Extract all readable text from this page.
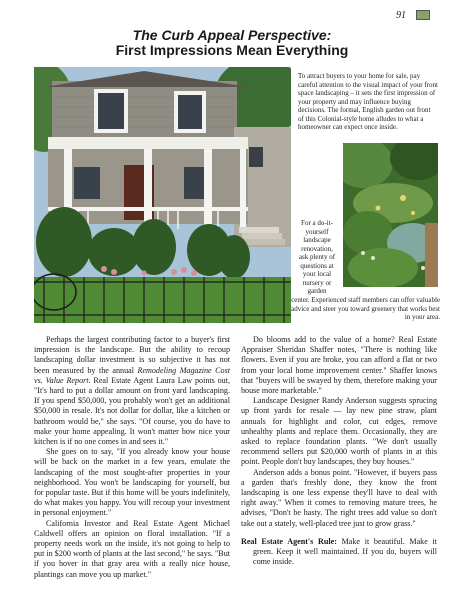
91
The Curb Appeal Perspective:
First Impressions Mean Everything

To attract buyers to your home for sale, pay careful attention to the visual impact of your front space landscaping – it sets the first impression of your property and may influence buying decisions. The formal, English garden out front of this Colonial-style home alludes to what a homeowner can expect once inside.

For a do-it-yourself landscape renovation, ask plenty of questions at your local nursery or garden

center. Experienced staff members can offer valuable advice and steer you toward greenery that works best in your area.

Perhaps the largest contributing factor to a buyer's first impression is the landscape. But the ability to recoup landscaping dollar investment is so subjective it has not been measured by the annual Remodeling Magazine Cost vs. Value Report. Real Estate Agent Laura Law points out, "It's hard to put a dollar amount on front yard landscaping. If you spend $50,000, you probably won't get an additional $50,000 in resale. It's not dollar for dollar, like a kitchen or bathroom would be," she says. "Of course, you do have to make your home appealing. It won't matter how nice your kitchen is if no one comes in and sees it."

She goes on to say, "If you already know your house will be back on the market in a few years, emulate the landscaping of the most sought-after properties in your neighborhood. You won't be landscaping for yourself, but for popular taste. But if this home will be yours indefinitely, do what makes you happy. You will recoup your investment in personal enjoyment."

California Investor and Real Estate Agent Michael Caldwell offers an opinion on floral installation. "If a property needs work on the inside, it's not going to help to put in $200 worth of plants at the last second," he says. "But if you hover in that gray area with a really nice house, plantings can move you up market."

Do blooms add to the value of a home? Real Estate Appraiser Sheridan Shaffer notes, "There is nothing like flowers. Even if you are broke, you can afford a flat or two from your local home improvement center." Shaffer knows that "buyers will be swayed by them, therefore making your house more marketable."

Landscape Designer Randy Anderson suggests sprucing up front yards for resale — lay new pine straw, plant annuals for highlight and color, cut edges, remove unhealthy plants and replace them. Occasionally, they are asked to replace foundation plants. "We don't usually recommend sellers put $20,000 worth of plants in at this point. People don't buy landscapes, they buy houses."

Anderson adds a bonus point. "However, if buyers pass a garden that's freshly done, they know the front landscaping is one less expense they'll have to deal with right away." When it comes to removing mature trees, he advises, "Don't be hasty. The right trees add value so don't take out a stately, well-placed tree just to grow grass."

Real Estate Agent's Rule: Make it beautiful. Make it green. Keep it well maintained. If you do, buyers will come inside.
